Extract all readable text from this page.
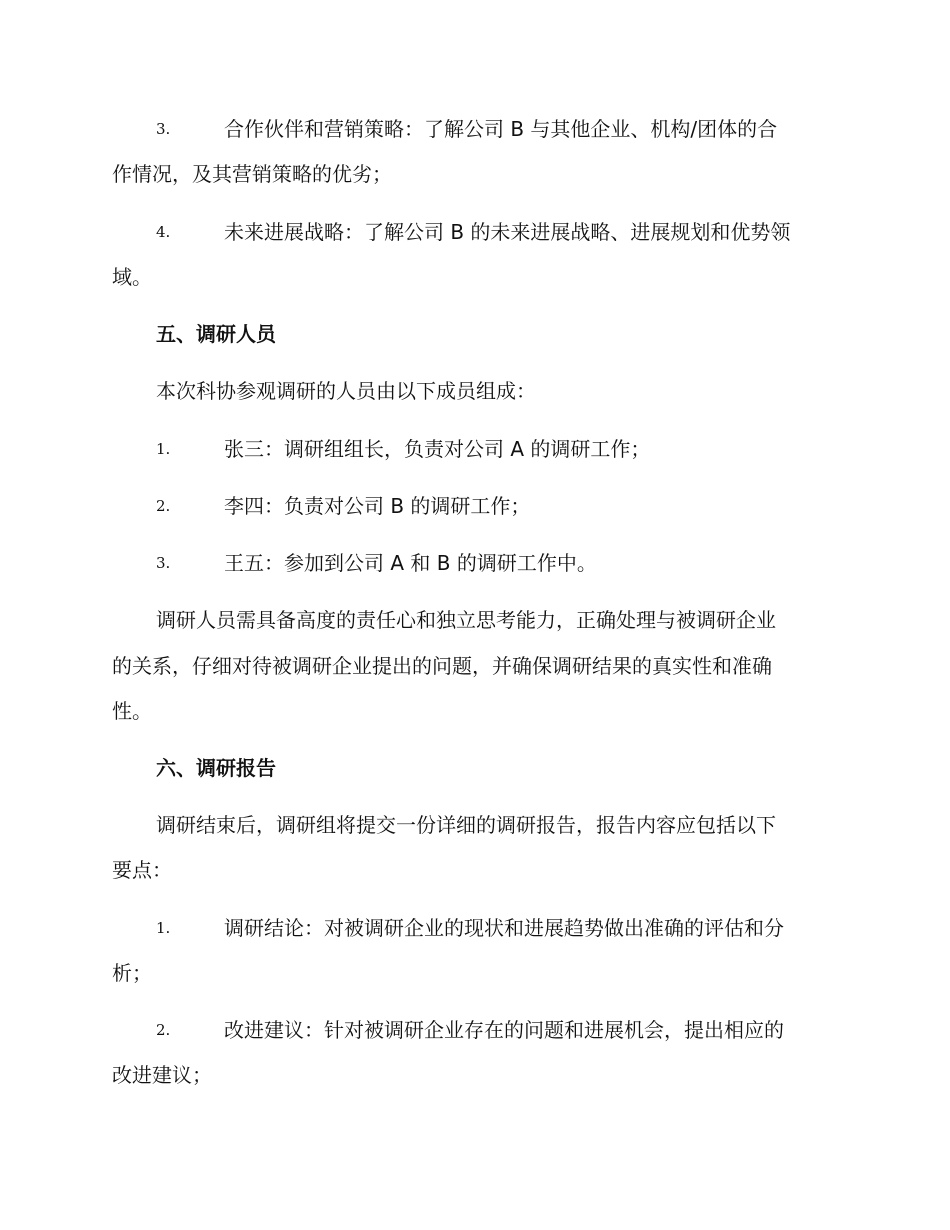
3.	合作伙伴和营销策略：了解公司 B 与其他企业、机构/团体的合
作情况，及其营销策略的优劣；
4.	未来进展战略：了解公司 B 的未来进展战略、进展规划和优势领
域。
五、调研人员
本次科协参观调研的人员由以下成员组成：
1.	张三：调研组组长，负责对公司 A 的调研工作；
2.	李四：负责对公司 B 的调研工作；
3.	王五：参加到公司 A 和 B 的调研工作中。
调研人员需具备高度的责任心和独立思考能力，正确处理与被调研企业
的关系，仔细对待被调研企业提出的问题，并确保调研结果的真实性和准确
性。
六、调研报告
调研结束后，调研组将提交一份详细的调研报告，报告内容应包括以下
要点：
1.	调研结论：对被调研企业的现状和进展趋势做出准确的评估和分
析；
2.	改进建议：针对被调研企业存在的问题和进展机会，提出相应的
改进建议；
